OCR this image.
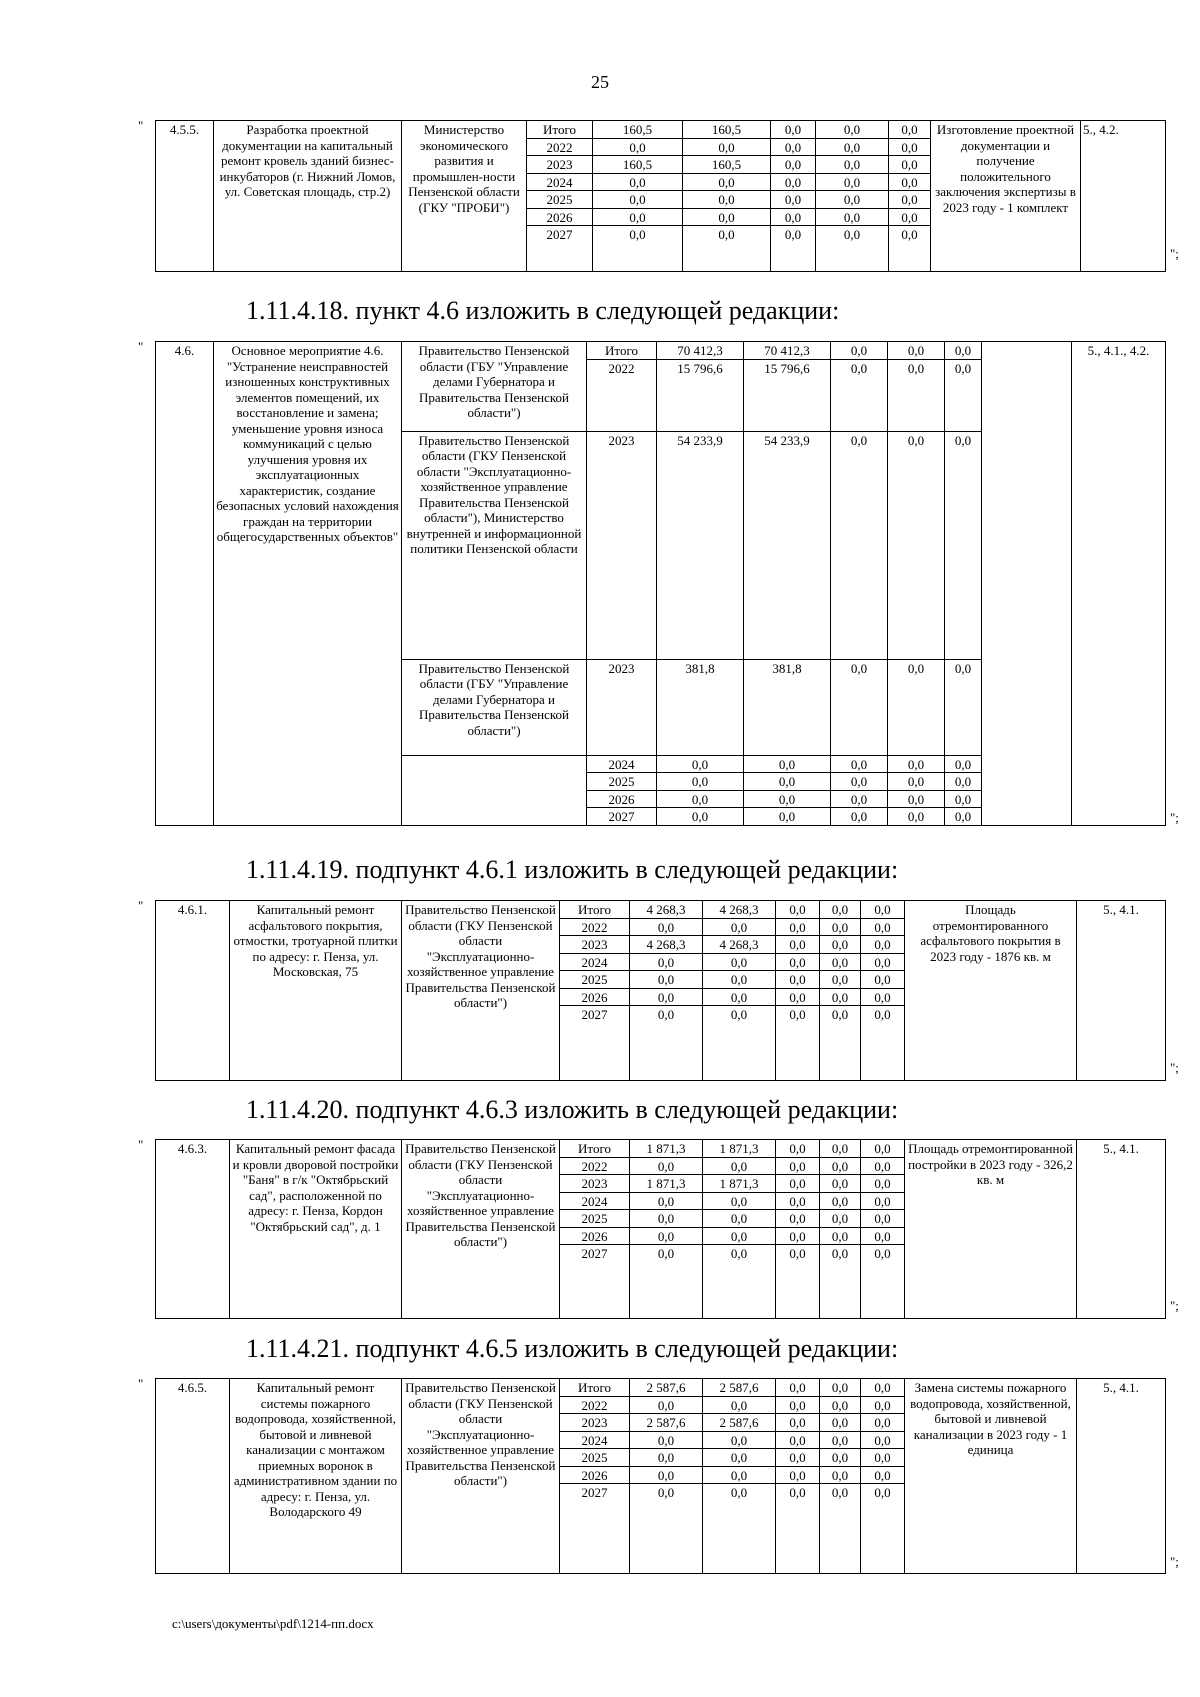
25
" 4.5.5.	Разработка проектной документации на капитальный ремонт кровель зданий бизнес-инкубаторов (г. Нижний Ломов, ул. Советская площадь, стр.2)	Министерство экономического развития и промышлен-ности Пензенской области (ГКУ "ПРОБИ")	Итого	160,5	160,5	0,0	0,0	0,0	Изготовление проектной документации и получение положительного заключения экспертизы в 2023 году - 1 комплект	5., 4.2.
			2022	0,0	0,0	0,0	0,0	0,0		
			2023	160,5	160,5	0,0	0,0	0,0		
			2024	0,0	0,0	0,0	0,0	0,0		
			2025	0,0	0,0	0,0	0,0	0,0		
			2026	0,0	0,0	0,0	0,0	0,0		
			2027	0,0	0,0	0,0	0,0	0,0		
";
1.11.4.18. пункт 4.6 изложить в следующей редакции:
" 4.6.	Основное мероприятие 4.6. "Устранение неисправностей изношенных конструктивных элементов помещений, их восстановление и замена; уменьшение уровня износа коммуникаций с целью улучшения уровня их эксплуатационных характеристик, создание безопасных условий нахождения граждан на территории общегосударственных объектов"	Правительство Пензенской области (ГБУ "Управление делами Губернатора и Правительства Пензенской области")	Итого	70 412,3	70 412,3	0,0	0,0	0,0		5., 4.1., 4.2.
			2022	15 796,6	15 796,6	0,0	0,0	0,0		
		Правительство Пензенской области (ГКУ Пензенской области "Эксплуатационно-хозяйственное управление Правительства Пензенской области"), Министерство внутренней и информационной политики Пензенской области	2023	54 233,9	54 233,9	0,0	0,0	0,0		
		Правительство Пензенской области (ГБУ "Управление делами Губернатора и Правительства Пензенской области")	2023	381,8	381,8	0,0	0,0	0,0		
			2024	0,0	0,0	0,0	0,0	0,0		
			2025	0,0	0,0	0,0	0,0	0,0		
			2026	0,0	0,0	0,0	0,0	0,0		
			2027	0,0	0,0	0,0	0,0	0,0			";
1.11.4.19. подпункт 4.6.1 изложить в следующей редакции:
"	4.6.1.	Капитальный ремонт асфальтового покрытия, отмостки, тротуарной плитки по адресу: г. Пенза, ул. Московская, 75	Правительство Пензенской области (ГКУ Пензенской области "Эксплуатационно-хозяйственное управление Правительства Пензенской области")	Итого	4 268,3	4 268,3	0,0	0,0	0,0	Площадь отремонтированного асфальтового покрытия в 2023 году - 1876 кв. м	5., 4.1.
			2022	0,0	0,0	0,0	0,0	0,0		
			2023	4 268,3	4 268,3	0,0	0,0	0,0		
			2024	0,0	0,0	0,0	0,0	0,0		
			2025	0,0	0,0	0,0	0,0	0,0		
			2026	0,0	0,0	0,0	0,0	0,0		
			2027	0,0	0,0	0,0	0,0	0,0		
";
1.11.4.20. подпункт 4.6.3 изложить в следующей редакции:
"	4.6.3.	Капитальный ремонт фасада и кровли дворовой постройки "Баня" в г/к "Октябрьский сад", расположенной по адресу: г. Пенза, Кордон "Октябрьский сад", д. 1	Правительство Пензенской области (ГКУ Пензенской области "Эксплуатационно-хозяйственное управление Правительства Пензенской области")	Итого	1 871,3	1 871,3	0,0	0,0	0,0	Площадь отремонтированной постройки в 2023 году - 326,2 кв. м	5., 4.1.
			2022	0,0	0,0	0,0	0,0	0,0		
			2023	1 871,3	1 871,3	0,0	0,0	0,0		
			2024	0,0	0,0	0,0	0,0	0,0		
			2025	0,0	0,0	0,0	0,0	0,0		
			2026	0,0	0,0	0,0	0,0	0,0		
			2027	0,0	0,0	0,0	0,0	0,0		
";
1.11.4.21. подпункт 4.6.5 изложить в следующей редакции:
"	4.6.5.	Капитальный ремонт системы пожарного водопровода, хозяйственной, бытовой и ливневой канализации с монтажом приемных воронок в административном здании по адресу: г. Пенза, ул. Володарского 49	Правительство Пензенской области (ГКУ Пензенской области "Эксплуатационно-хозяйственное управление Правительства Пензенской области")	Итого	2 587,6	2 587,6	0,0	0,0	0,0	Замена системы пожарного водопровода, хозяйственной, бытовой и ливневой канализации в 2023 году - 1 единица	5., 4.1.
			2022	0,0	0,0	0,0	0,0	0,0		
			2023	2 587,6	2 587,6	0,0	0,0	0,0		
			2024	0,0	0,0	0,0	0,0	0,0		
			2025	0,0	0,0	0,0	0,0	0,0		
			2026	0,0	0,0	0,0	0,0	0,0		
			2027	0,0	0,0	0,0	0,0	0,0		
";
c:\users\документы\pdf\1214-пп.docx
